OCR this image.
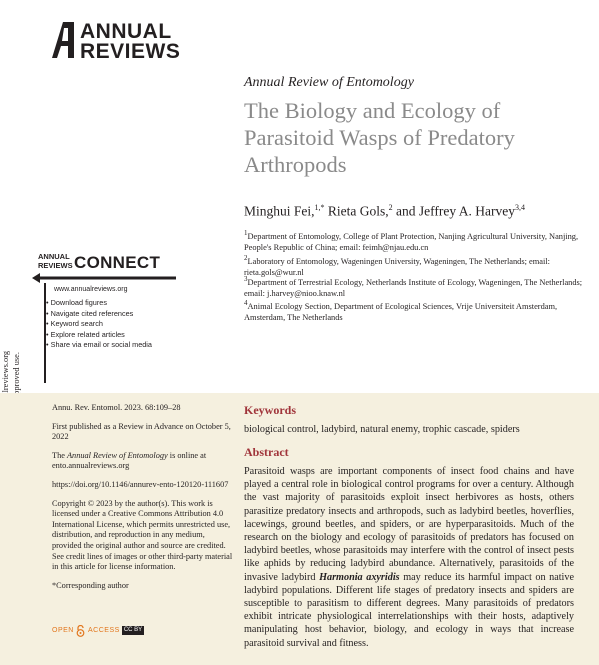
ANNUAL
REVIEWS
Annual Review of Entomology
The Biology and Ecology of
Parasitoid Wasps of Predatory
Arthropods
Minghui Fei,$^{1,*}$ Rieta Gols,$^2$ and Jeffrey A. Harvey$^{3,4}$
$^1$Department of Entomology, College of Plant Protection, Nanjing Agricultural University, Nanjing, People's Republic of China; email: feimh@njau.edu.cn
$^2$Laboratory of Entomology, Wageningen University, Wageningen, The Netherlands; email: rieta.gols@wur.nl
$^3$Department of Terrestrial Ecology, Netherlands Institute of Ecology, Wageningen, The Netherlands; email: j.harvey@nioo.knaw.nl
$^4$Animal Ecology Section, Department of Ecological Sciences, Vrije Universiteit Amsterdam, Amsterdam, The Netherlands
ANNUAL
REVIEWS CONNECT
www.annualreviews.org
• Download figures
• Navigate cited references
• Keyword search
• Explore related articles
• Share via email or social media

Annu. Rev. Entomol. 2023. 68:109–28

First published as a Review in Advance on October 5, 2022

The Annual Review of Entomology is online at ento.annualreviews.org

https://doi.org/10.1146/annurev-ento-120120-111607

Copyright © 2023 by the author(s). This work is licensed under a Creative Commons Attribution 4.0 International License, which permits unrestricted use, distribution, and reproduction in any medium, provided the original author and source are credited. See credit lines of images or other third-party material in this article for license information.

*Corresponding author

Keywords
biological control, ladybird, natural enemy, trophic cascade, spiders
Abstract
Parasitoid wasps are important components of insect food chains and have played a central role in biological control programs for over a century. Although the vast majority of parasitoids exploit insect herbivores as hosts, others parasitize predatory insects and arthropods, such as ladybird beetles, hoverflies, lacewings, ground beetles, and spiders, or are hyperparasitoids. Much of the research on the biology and ecology of parasitoids of predators has focused on ladybird beetles, whose parasitoids may interfere with the control of insect pests like aphids by reducing ladybird abundance. Alternatively, parasitoids of the invasive ladybird Harmonia axyridis may reduce its harmful impact on native ladybird populations. Different life stages of predatory insects and spiders are susceptible to parasitism to different degrees. Many parasitoids of predators exhibit intricate physiological interrelationships with their hosts, adaptively manipulating host behavior, biology, and ecology in ways that increase parasitoid survival and fitness.
OPEN ACCESS CC BY
